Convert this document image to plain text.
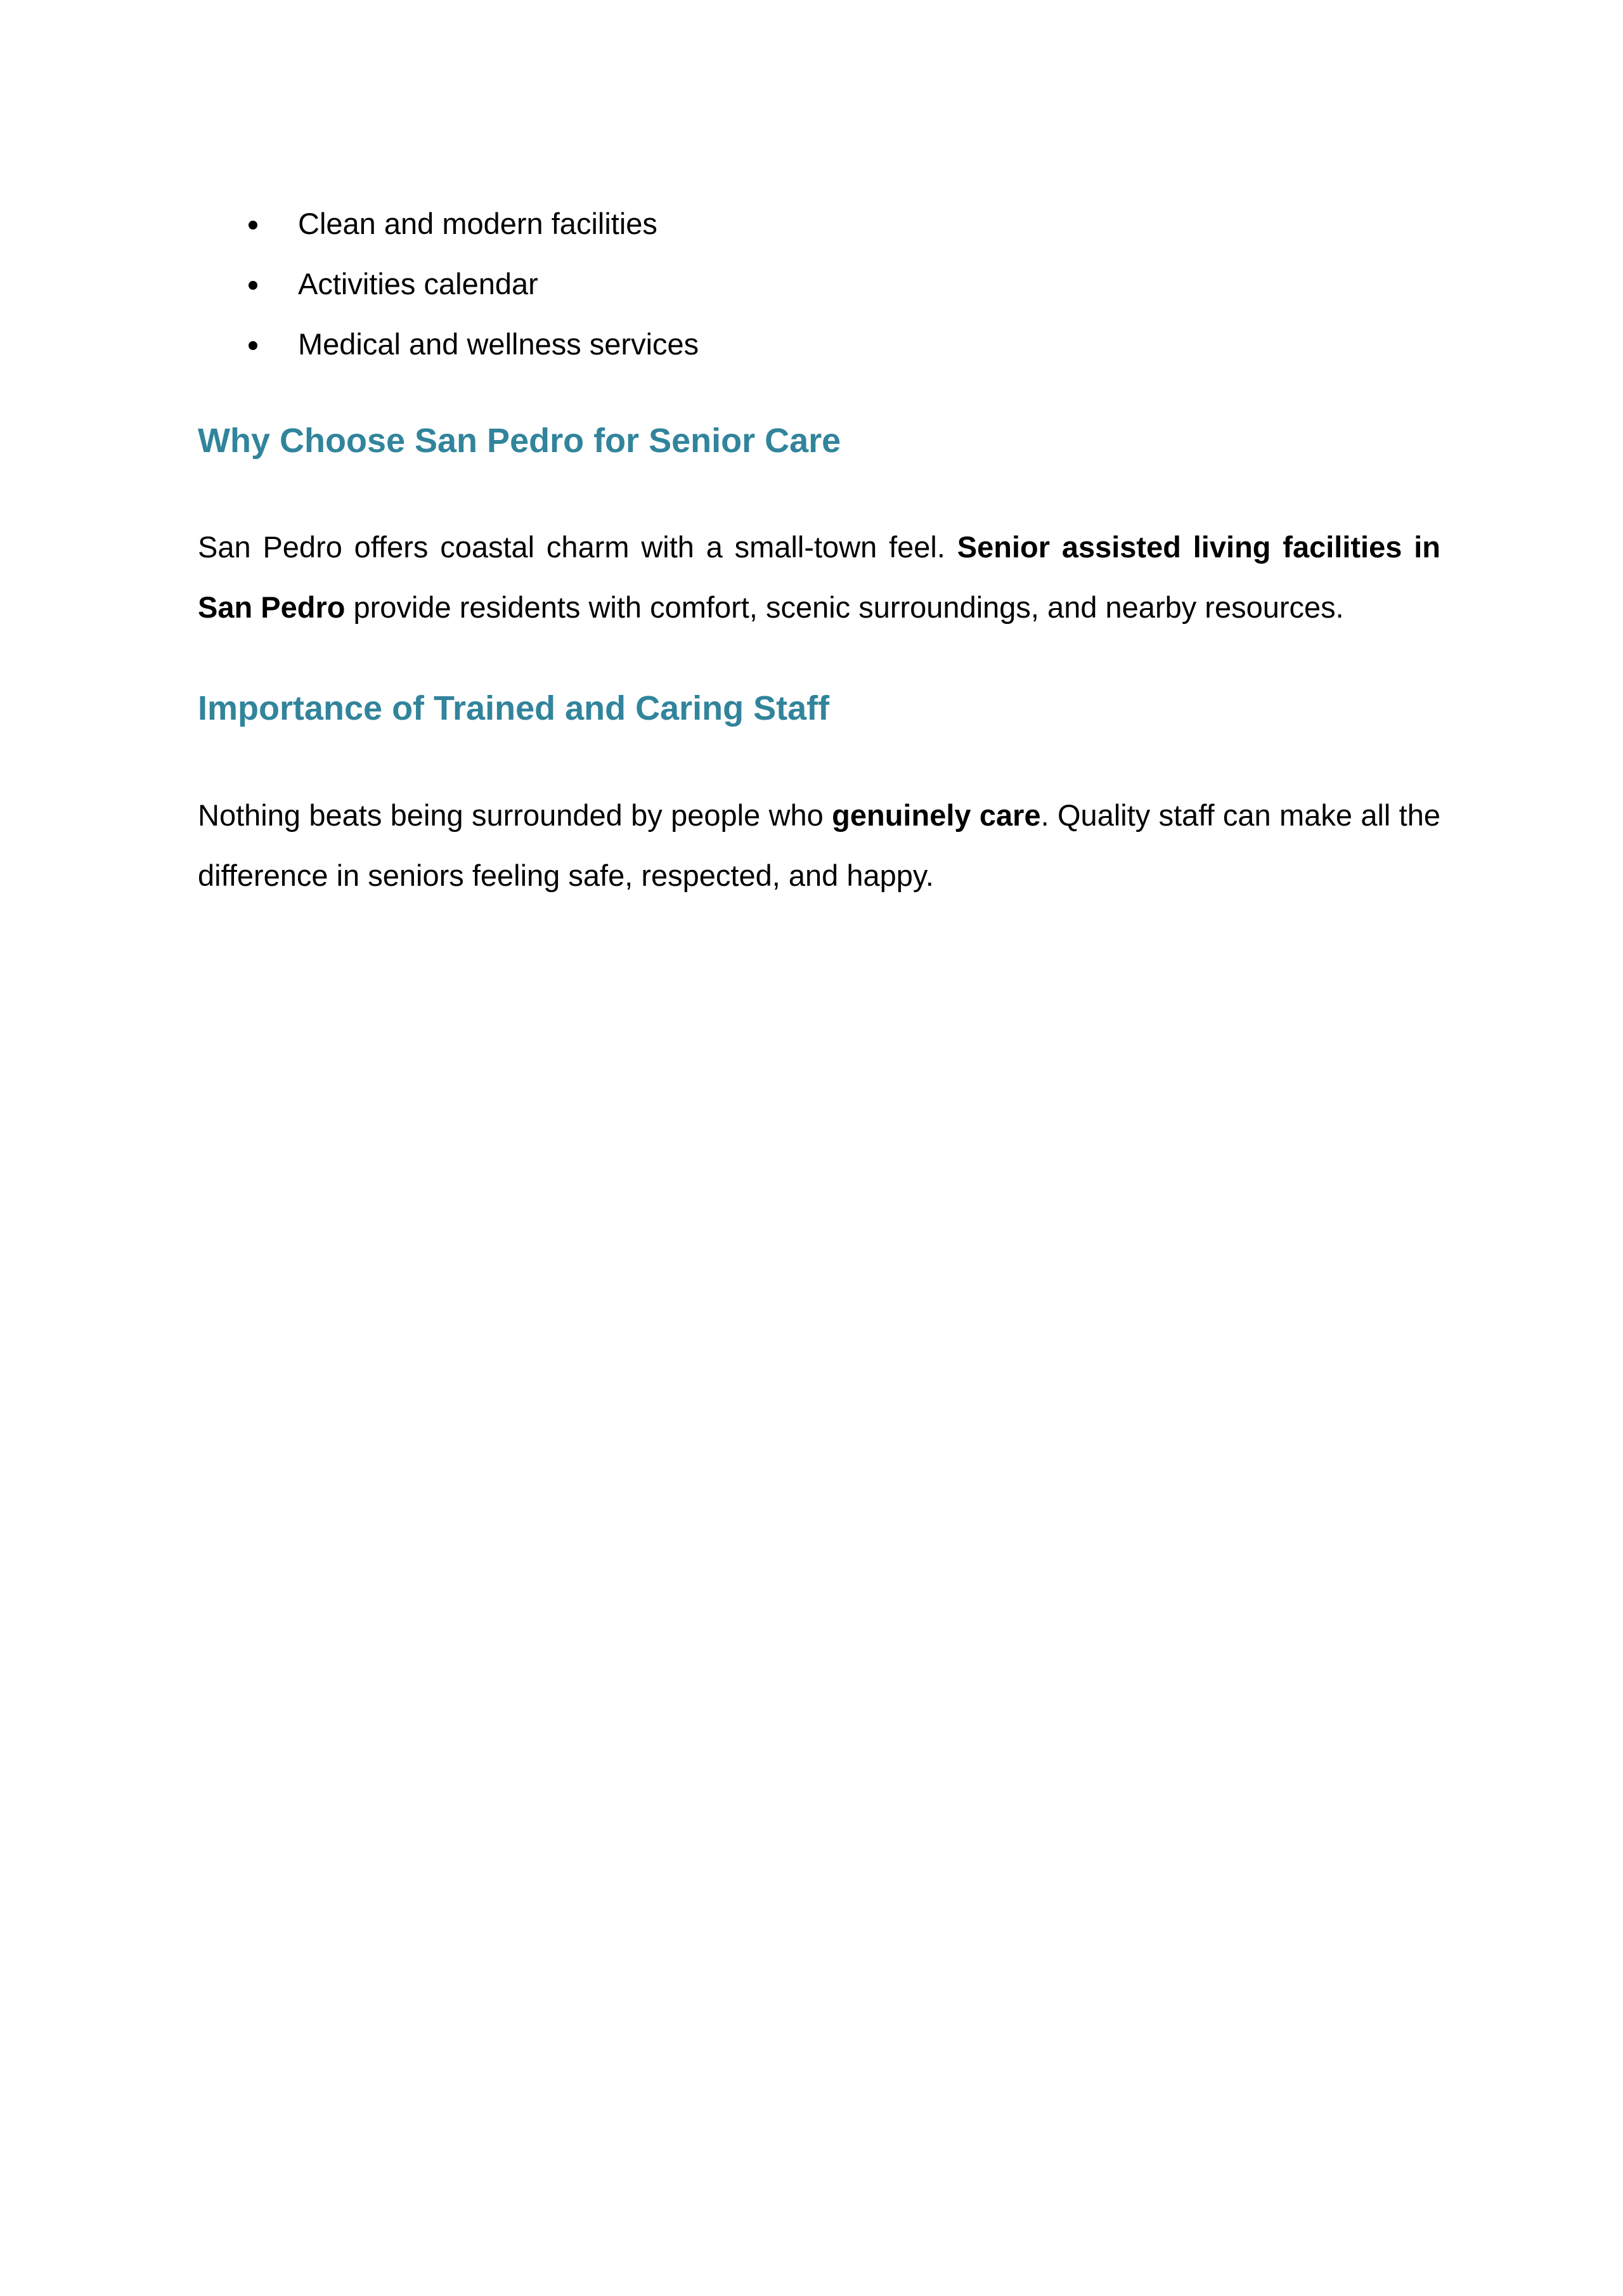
Clean and modern facilities
Activities calendar
Medical and wellness services
Why Choose San Pedro for Senior Care

San Pedro offers coastal charm with a small-town feel. Senior assisted living facilities in San Pedro provide residents with comfort, scenic surroundings, and nearby resources.

Importance of Trained and Caring Staff

Nothing beats being surrounded by people who genuinely care. Quality staff can make all the difference in seniors feeling safe, respected, and happy.
